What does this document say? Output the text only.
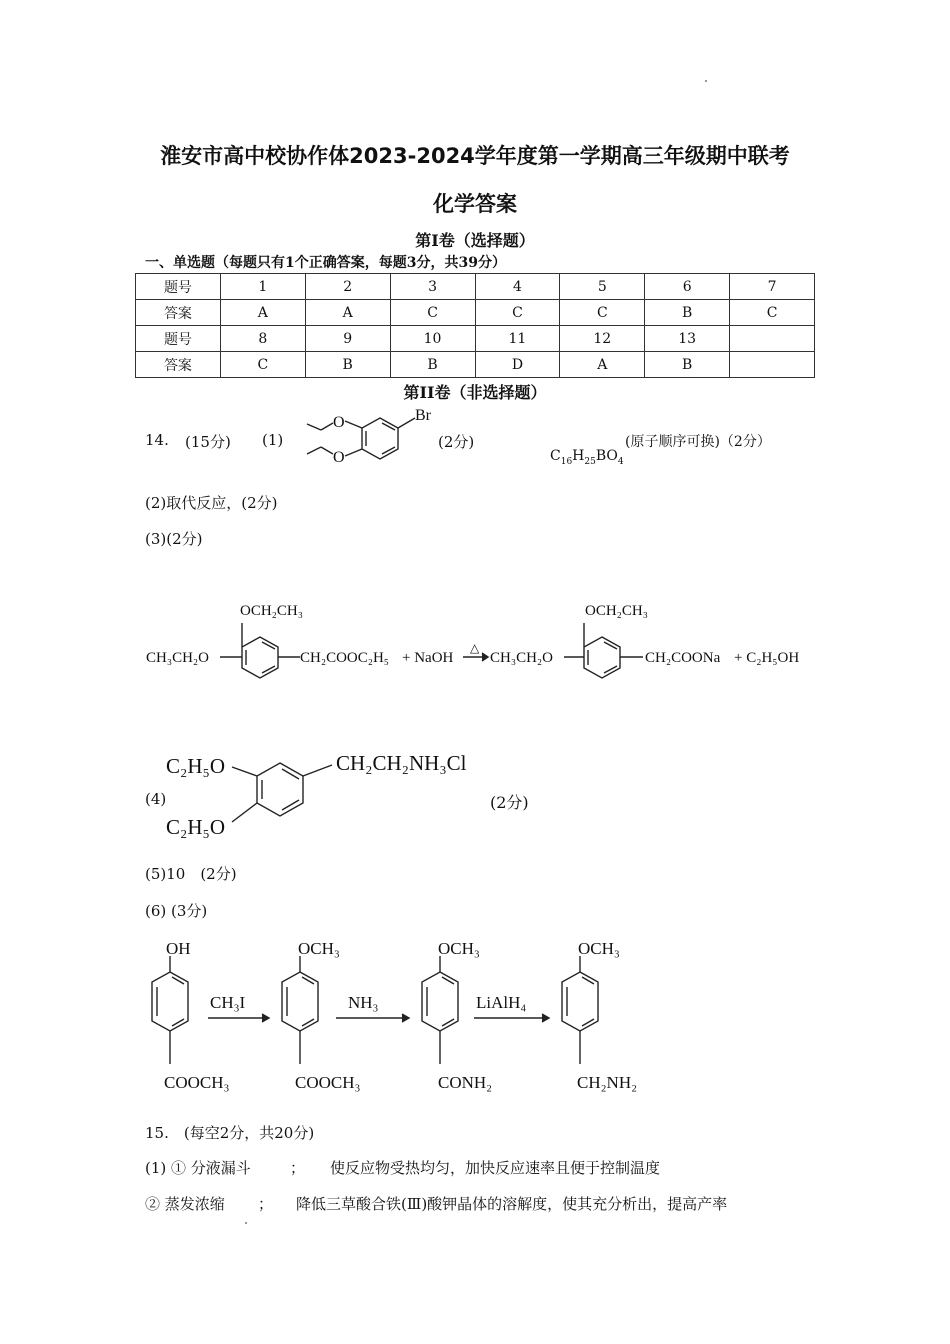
淮安市高中校协作体2023-2024学年度第一学期高三年级期中联考
化学答案
第Ⅰ卷（选择题）
一、单选题（每题只有1个正确答案，每题3分，共39分）
题号	1	2	3	4	5	6	7
答案	A	A	C	C	C	B	C
题号	8	9	10	11	12	13	
答案	C	B	B	D	A	B	
第II卷（非选择题）
14. (15分) (1)
Br
O
O
(2分)
$C_{16}H_{25}BO_4$
(原子顺序可换)（2分）
(2)取代反应，(2分)
(3)(2分)
OCH₂CH₃
CH₃CH₂O	CH₂COOC₂H₅ + NaOH
△
CH₃CH₂O
OCH₂CH₃
CH₂COONa + C₂H₅OH
(4)
C₂H₅O
C₂H₅O
CH₂CH₂NH₃Cl
(2分)
(5)10　(2分)
(6) (3分)
OH
COOCH₃
CH₃I
OCH₃
COOCH₃
NH₃
OCH₃
CONH₂
LiAlH₄
OCH₃
CH₂NH₂
15.　(每空2分，共20分)
(1) ① 分液漏斗	； 使反应物受热均匀，加快反应速率且便于控制温度
② 蒸发浓缩 ； 降低三草酸合铁(Ⅲ)酸钾晶体的溶解度，使其充分析出，提高产率
